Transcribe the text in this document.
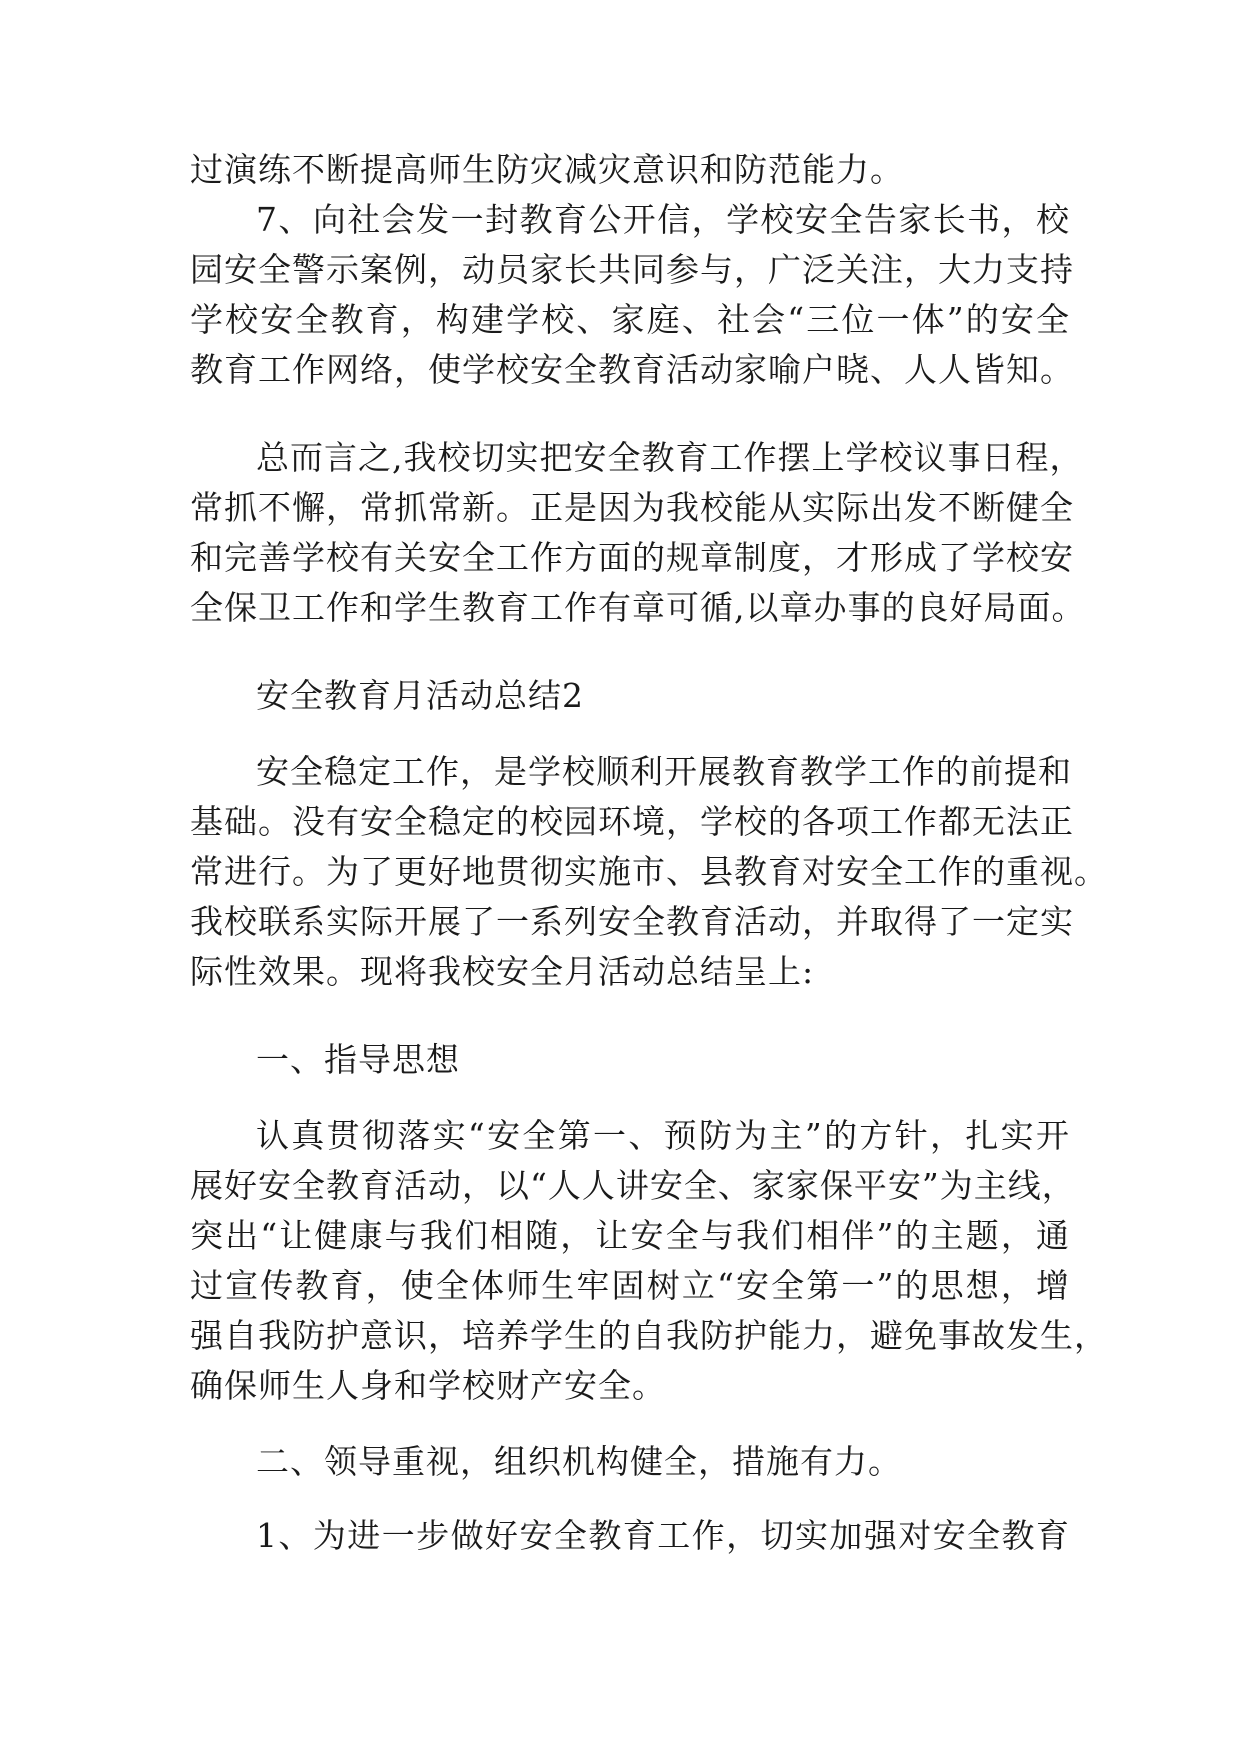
过演练不断提高师生防灾减灾意识和防范能力。
7、向社会发一封教育公开信，学校安全告家长书，校
园安全警示案例，动员家长共同参与，广泛关注，大力支持
学校安全教育，构建学校、家庭、社会“三位一体”的安全
教育工作网络，使学校安全教育活动家喻户晓、人人皆知。
总而言之,我校切实把安全教育工作摆上学校议事日程，
常抓不懈，常抓常新。正是因为我校能从实际出发不断健全
和完善学校有关安全工作方面的规章制度，才形成了学校安
全保卫工作和学生教育工作有章可循,以章办事的良好局面。
安全教育月活动总结2
安全稳定工作，是学校顺利开展教育教学工作的前提和
基础。没有安全稳定的校园环境，学校的各项工作都无法正
常进行。为了更好地贯彻实施市、县教育对安全工作的重视。
我校联系实际开展了一系列安全教育活动，并取得了一定实
际性效果。现将我校安全月活动总结呈上:
一、指导思想
认真贯彻落实“安全第一、预防为主”的方针，扎实开
展好安全教育活动，以“人人讲安全、家家保平安”为主线，
突出“让健康与我们相随，让安全与我们相伴”的主题，通
过宣传教育，使全体师生牢固树立“安全第一”的思想，增
强自我防护意识，培养学生的自我防护能力，避免事故发生，
确保师生人身和学校财产安全。
二、领导重视，组织机构健全，措施有力。
1、为进一步做好安全教育工作，切实加强对安全教育
